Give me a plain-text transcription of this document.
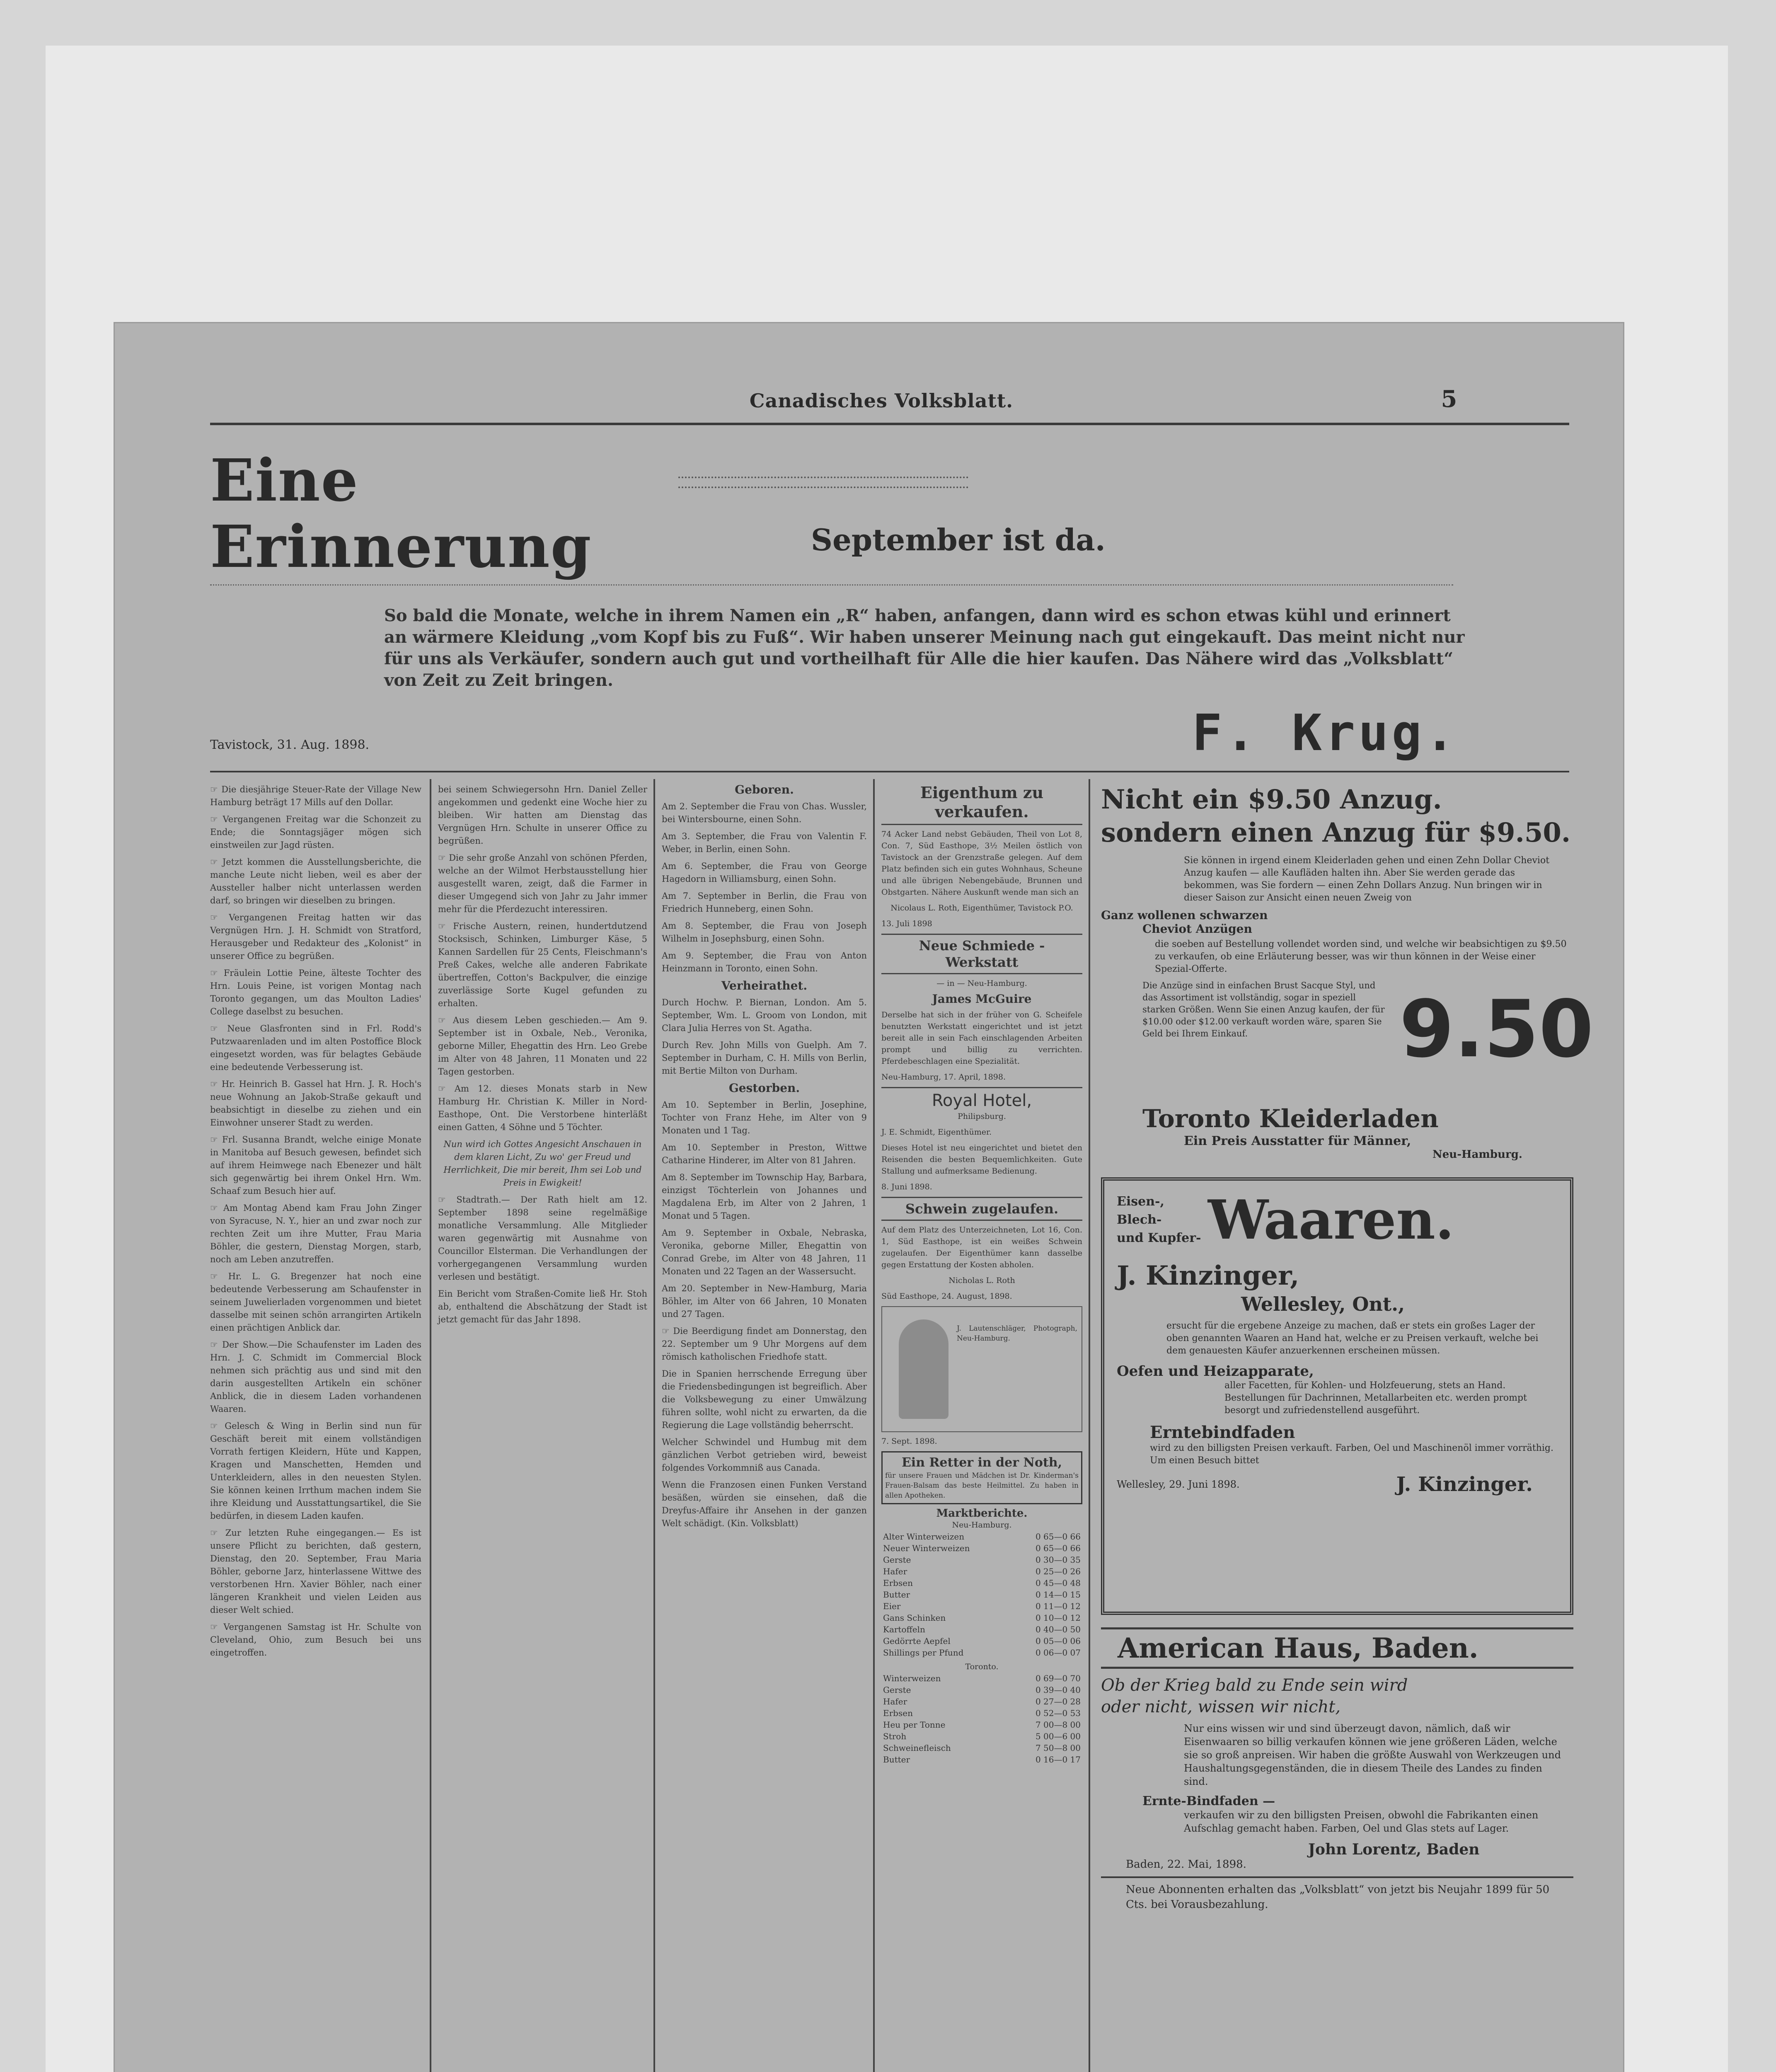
Canadisches Volksblatt.	5
Eine Erinnerung	September ist da.
So bald die Monate, welche in ihrem Namen ein „R“ haben, anfangen, dann wird es schon etwas kühl und erinnert an wärmere Kleidung „vom Kopf bis zu Fuß“. Wir haben unserer Meinung nach gut eingekauft. Das meint nicht nur für uns als Verkäufer, sondern auch gut und vortheilhaft für Alle die hier kaufen. Das Nähere wird das „Volksblatt“ von Zeit zu Zeit bringen.
Tavistock, 31. Aug. 1898.	F. Krug.

☞ Die diesjährige Steuer-Rate der Village New Hamburg beträgt 17 Mills auf den Dollar.

☞ Vergangenen Freitag war die Schonzeit zu Ende; die Sonntagsjäger mögen sich einstweilen zur Jagd rüsten.

☞ Jetzt kommen die Ausstellungsberichte, die manche Leute nicht lieben, weil es aber der Aussteller halber nicht unterlassen werden darf, so bringen wir dieselben zu bringen.

☞ Vergangenen Freitag hatten wir das Vergnügen Hrn. J. H. Schmidt von Stratford, Herausgeber und Redakteur des „Kolonist“ in unserer Office zu begrüßen.

☞ Fräulein Lottie Peine, älteste Tochter des Hrn. Louis Peine, ist vorigen Montag nach Toronto gegangen, um das Moulton Ladies' College daselbst zu besuchen.

☞ Neue Glasfronten sind in Frl. Rodd's Putzwaarenladen und im alten Postoffice Block eingesetzt worden, was für belagtes Gebäude eine bedeutende Verbesserung ist.

☞ Hr. Heinrich B. Gassel hat Hrn. J. R. Hoch's neue Wohnung an Jakob-Straße gekauft und beabsichtigt in dieselbe zu ziehen und ein Einwohner unserer Stadt zu werden.

☞ Frl. Susanna Brandt, welche einige Monate in Manitoba auf Besuch gewesen, befindet sich auf ihrem Heimwege nach Ebenezer und hält sich gegenwärtig bei ihrem Onkel Hrn. Wm. Schaaf zum Besuch hier auf.

☞ Am Montag Abend kam Frau John Zinger von Syracuse, N. Y., hier an und zwar noch zur rechten Zeit um ihre Mutter, Frau Maria Böhler, die gestern, Dienstag Morgen, starb, noch am Leben anzutreffen.

☞ Hr. L. G. Bregenzer hat noch eine bedeutende Verbesserung am Schaufenster in seinem Juwelierladen vorgenommen und bietet dasselbe mit seinen schön arrangirten Artikeln einen prächtigen Anblick dar.

☞ Der Show.—Die Schaufenster im Laden des Hrn. J. C. Schmidt im Commercial Block nehmen sich prächtig aus und sind mit den darin ausgestellten Artikeln ein schöner Anblick, die in diesem Laden vorhandenen Waaren.

☞ Gelesch & Wing in Berlin sind nun für Geschäft bereit mit einem vollständigen Vorrath fertigen Kleidern, Hüte und Kappen, Kragen und Manschetten, Hemden und Unterkleidern, alles in den neuesten Stylen. Sie können keinen Irrthum machen indem Sie ihre Kleidung und Ausstattungsartikel, die Sie bedürfen, in diesem Laden kaufen.

☞ Zur letzten Ruhe eingegangen.— Es ist unsere Pflicht zu berichten, daß gestern, Dienstag, den 20. September, Frau Maria Böhler, geborne Jarz, hinterlassene Wittwe des verstorbenen Hrn. Xavier Böhler, nach einer längeren Krankheit und vielen Leiden aus dieser Welt schied.

☞ Vergangenen Samstag ist Hr. Schulte von Cleveland, Ohio, zum Besuch bei uns eingetroffen.

bei seinem Schwiegersohn Hrn. Daniel Zeller angekommen und gedenkt eine Woche hier zu bleiben. Wir hatten am Dienstag das Vergnügen Hrn. Schulte in unserer Office zu begrüßen.

☞ Die sehr große Anzahl von schönen Pferden, welche an der Wilmot Herbstausstellung hier ausgestellt waren, zeigt, daß die Farmer in dieser Umgegend sich von Jahr zu Jahr immer mehr für die Pferdezucht interessiren.

☞ Frische Austern, reinen, hundertdutzend Stocksisch, Schinken, Limburger Käse, 5 Kannen Sardellen für 25 Cents, Fleischmann's Preß Cakes, welche alle anderen Fabrikate übertreffen, Cotton's Backpulver, die einzige zuverlässige Sorte Kugel gefunden zu erhalten.

☞ Aus diesem Leben geschieden.— Am 9. September ist in Oxbale, Neb., Veronika, geborne Miller, Ehegattin des Hrn. Leo Grebe im Alter von 48 Jahren, 11 Monaten und 22 Tagen gestorben.

☞ Am 12. dieses Monats starb in New Hamburg Hr. Christian K. Miller in Nord-Easthope, Ont. Die Verstorbene hinterläßt einen Gatten, 4 Söhne und 5 Töchter.

Nun wird ich Gottes Angesicht Anschauen in dem klaren Licht, Zu wo' ger Freud und Herrlichkeit, Die mir bereit, Ihm sei Lob und Preis in Ewigkeit!

☞ Stadtrath.— Der Rath hielt am 12. September 1898 seine regelmäßige monatliche Versammlung. Alle Mitglieder waren gegenwärtig mit Ausnahme von Councillor Elsterman. Die Verhandlungen der vorhergegangenen Versammlung wurden verlesen und bestätigt.

Ein Bericht vom Straßen-Comite ließ Hr. Stoh ab, enthaltend die Abschätzung der Stadt ist jetzt gemacht für das Jahr 1898.

Geboren.

Am 2. September die Frau von Chas. Wussler, bei Wintersbourne, einen Sohn.

Am 3. September, die Frau von Valentin F. Weber, in Berlin, einen Sohn.

Am 6. September, die Frau von George Hagedorn in Williamsburg, einen Sohn.

Am 7. September in Berlin, die Frau von Friedrich Hunneberg, einen Sohn.

Am 8. September, die Frau von Joseph Wilhelm in Josephsburg, einen Sohn.

Am 9. September, die Frau von Anton Heinzmann in Toronto, einen Sohn.

Verheirathet.

Durch Hochw. P. Biernan, London. Am 5. September, Wm. L. Groom von London, mit Clara Julia Herres von St. Agatha.

Durch Rev. John Mills von Guelph. Am 7. September in Durham, C. H. Mills von Berlin, mit Bertie Milton von Durham.

Gestorben.

Am 10. September in Berlin, Josephine, Tochter von Franz Hehe, im Alter von 9 Monaten und 1 Tag.

Am 10. September in Preston, Wittwe Catharine Hinderer, im Alter von 81 Jahren.

Am 8. September im Townschip Hay, Barbara, einzigst Töchterlein von Johannes und Magdalena Erb, im Alter von 2 Jahren, 1 Monat und 5 Tagen.

Am 9. September in Oxbale, Nebraska, Veronika, geborne Miller, Ehegattin von Conrad Grebe, im Alter von 48 Jahren, 11 Monaten und 22 Tagen an der Wassersucht.

Am 20. September in New-Hamburg, Maria Böhler, im Alter von 66 Jahren, 10 Monaten und 27 Tagen.

☞ Die Beerdigung findet am Donnerstag, den 22. September um 9 Uhr Morgens auf dem römisch katholischen Friedhofe statt.

Die in Spanien herrschende Erregung über die Friedensbedingungen ist begreiflich. Aber die Volksbewegung zu einer Umwälzung führen sollte, wohl nicht zu erwarten, da die Regierung die Lage vollständig beherrscht.

Welcher Schwindel und Humbug mit dem gänzlichen Verbot getrieben wird, beweist folgendes Vorkommniß aus Canada.

Wenn die Franzosen einen Funken Verstand besäßen, würden sie einsehen, daß die Dreyfus-Affaire ihr Ansehen in der ganzen Welt schädigt. (Kin. Volksblatt)

Eigenthum zu verkaufen.

74 Acker Land nebst Gebäuden, Theil von Lot 8, Con. 7, Süd Easthope, 3½ Meilen östlich von Tavistock an der Grenzstraße gelegen. Auf dem Platz befinden sich ein gutes Wohnhaus, Scheune und alle übrigen Nebengebäude, Brunnen und Obstgarten. Nähere Auskunft wende man sich an

Nicolaus L. Roth, Eigenthümer, Tavistock P.O.

13. Juli 1898

Neue Schmiede - Werkstatt

— in — Neu-Hamburg.

James McGuire

Derselbe hat sich in der früher von G. Scheifele benutzten Werkstatt eingerichtet und ist jetzt bereit alle in sein Fach einschlagenden Arbeiten prompt und billig zu verrichten. Pferdebeschlagen eine Spezialität.

Neu-Hamburg, 17. April, 1898.

Royal Hotel,

Philipsburg.

J. E. Schmidt, Eigenthümer.

Dieses Hotel ist neu eingerichtet und bietet den Reisenden die besten Bequemlichkeiten. Gute Stallung und aufmerksame Bedienung.

8. Juni 1898.

Schwein zugelaufen.

Auf dem Platz des Unterzeichneten, Lot 16, Con. 1, Süd Easthope, ist ein weißes Schwein zugelaufen. Der Eigenthümer kann dasselbe gegen Erstattung der Kosten abholen.

Nicholas L. Roth

Süd Easthope, 24. August, 1898.

J. Lautenschläger, Photograph, Neu-Hamburg.

7. Sept. 1898.

Ein Retter in der Noth,
für unsere Frauen und Mädchen ist Dr. Kinderman's Frauen-Balsam das beste Heilmittel. Zu haben in allen Apotheken.
Marktberichte.
Neu-Hamburg.
Alter Winterweizen	0 65—0 66
Neuer Winterweizen	0 65—0 66
Gerste	0 30—0 35
Hafer	0 25—0 26
Erbsen	0 45—0 48
Butter	0 14—0 15
Eier	0 11—0 12
Gans Schinken	0 10—0 12
Kartoffeln	0 40—0 50
Gedörrte Aepfel	0 05—0 06
Shillings per Pfund	0 06—0 07
Toronto.
Winterweizen	0 69—0 70
Gerste	0 39—0 40
Hafer	0 27—0 28
Erbsen	0 52—0 53
Heu per Tonne	7 00—8 00
Stroh	5 00—6 00
Schweinefleisch	7 50—8 00
Butter	0 16—0 17
Nicht ein $9.50 Anzug.
sondern einen Anzug für $9.50.
Sie können in irgend einem Kleiderladen gehen und einen Zehn Dollar Cheviot Anzug kaufen — alle Kaufläden halten ihn. Aber Sie werden gerade das bekommen, was Sie fordern — einen Zehn Dollars Anzug. Nun bringen wir in dieser Saison zur Ansicht einen neuen Zweig von
Ganz wollenen schwarzen
Cheviot Anzügen
die soeben auf Bestellung vollendet worden sind, und welche wir beabsichtigen zu $9.50 zu verkaufen, ob eine Erläuterung besser, was wir thun können in der Weise einer Spezial-Offerte.
Die Anzüge sind in einfachen Brust Sacque Styl, und das Assortiment ist vollständig, sogar in speziell starken Größen. Wenn Sie einen Anzug kaufen, der für $10.00 oder $12.00 verkauft worden wäre, sparen Sie Geld bei Ihrem Einkauf.	9.50
Toronto Kleiderladen
Ein Preis Ausstatter für Männer,
Neu-Hamburg.
Eisen-,
Blech-
und Kupfer- Waaren.
J. Kinzinger,
Wellesley, Ont.,
ersucht für die ergebene Anzeige zu machen, daß er stets ein großes Lager der oben genannten Waaren an Hand hat, welche er zu Preisen verkauft, welche bei dem genauesten Käufer anzuerkennen erscheinen müssen.
Oefen und Heizapparate,
aller Facetten, für Kohlen- und Holzfeuerung, stets an Hand. Bestellungen für Dachrinnen, Metallarbeiten etc. werden prompt besorgt und zufriedenstellend ausgeführt.
Erntebindfaden
wird zu den billigsten Preisen verkauft. Farben, Oel und Maschinenöl immer vorräthig. Um einen Besuch bittet
Wellesley, 29. Juni 1898.	J. Kinzinger.
American Haus, Baden.
Ob der Krieg bald zu Ende sein wird
oder nicht, wissen wir nicht,
Nur eins wissen wir und sind überzeugt davon, nämlich, daß wir Eisenwaaren so billig verkaufen können wie jene größeren Läden, welche sie so groß anpreisen. Wir haben die größte Auswahl von Werkzeugen und Haushaltungsgegenständen, die in diesem Theile des Landes zu finden sind.
Ernte-Bindfaden —
verkaufen wir zu den billigsten Preisen, obwohl die Fabrikanten einen Aufschlag gemacht haben. Farben, Oel und Glas stets auf Lager.
John Lorentz, Baden
Baden, 22. Mai, 1898.
Neue Abonnenten erhalten das „Volksblatt“ von jetzt bis Neujahr 1899 für 50 Cts. bei Vorausbezahlung.
